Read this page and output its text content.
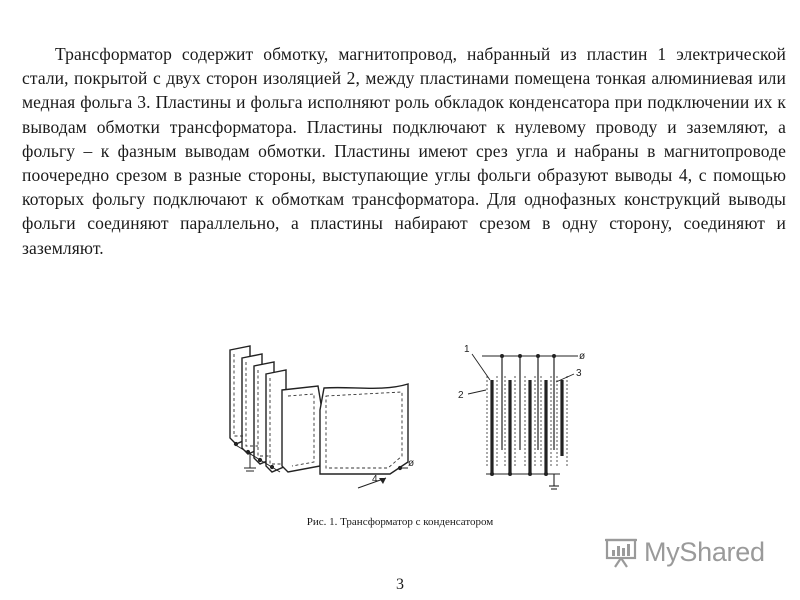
Трансформатор содержит обмотку, магнитопровод, набранный из пластин 1 электрической стали, покрытой с двух сторон изоляцией 2, между пластинами помещена тонкая алюминиевая или медная фольга 3. Пластины и фольга исполняют роль обкладок конденсатора при подключении их к выводам обмотки трансформатора. Пластины подключают к нулевому проводу и заземляют, а фольгу – к фазным выводам обмотки. Пластины имеют срез угла и набраны в магнитопроводе поочередно срезом в разные стороны, выступающие углы фольги образуют выводы 4, с помощью которых фольгу подключают к обмоткам трансформатора. Для однофазных конструкций выводы фольги соединяют параллельно, а пластины набирают срезом в одну сторону, соединяют и заземляют.

4
ø
1
2
3
ø
Рис. 1. Трансформатор с конденсатором
MyShared
3
